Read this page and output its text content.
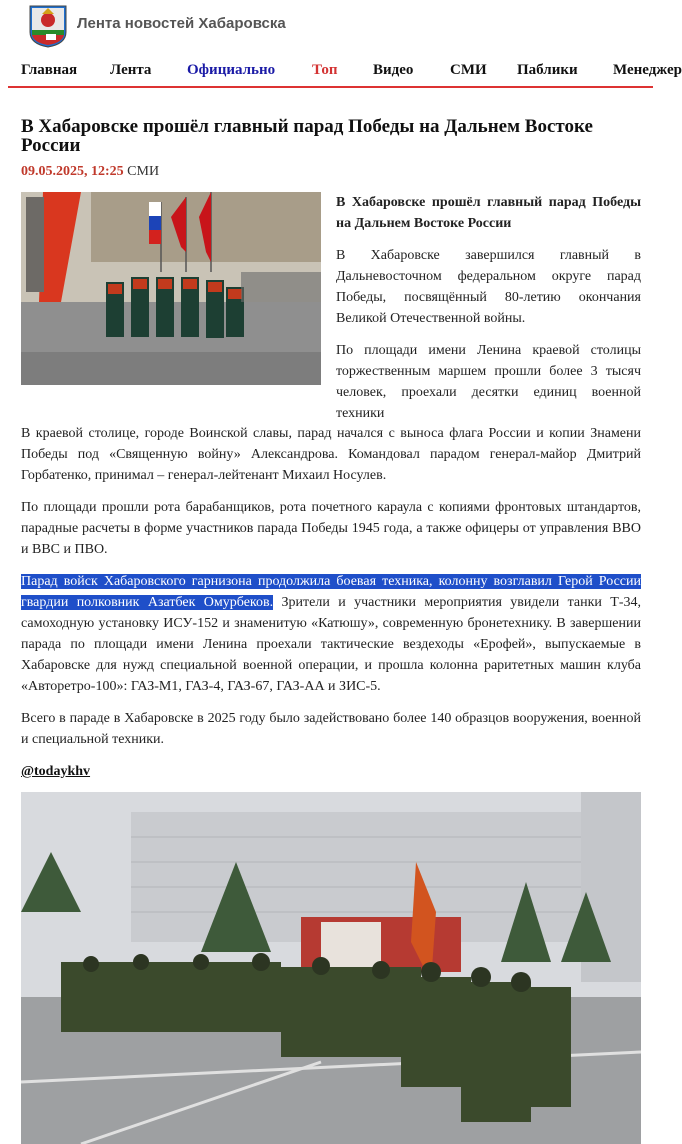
Лента новостей Хабаровска
Главная Лента Официально Топ Видео СМИ Паблики Менеджер
В Хабаровске прошёл главный парад Победы на Дальнем Востоке России
09.05.2025, 12:25 СМИ

В Хабаровске прошёл главный парад Победы на Дальнем Востоке России

В Хабаровске завершился главный в Дальневосточном федеральном округе парад Победы, посвящённый 80-летию окончания Великой Отечественной войны.

По площади имени Ленина краевой столицы торжественным маршем прошли более 3 тысяч человек, проехали десятки единиц военной техники

В краевой столице, городе Воинской славы, парад начался с выноса флага России и копии Знамени Победы под «Священную войну» Александрова. Командовал парадом генерал-майор Дмитрий Горбатенко, принимал – генерал-лейтенант Михаил Носулев.

По площади прошли рота барабанщиков, рота почетного караула с копиями фронтовых штандартов, парадные расчеты в форме участников парада Победы 1945 года, а также офицеры от управления ВВО и ВВС и ПВО.

Парад войск Хабаровского гарнизона продолжила боевая техника, колонну возглавил Герой России гвардии полковник Азатбек Омурбеков. Зрители и участники мероприятия увидели танки Т-34, самоходную установку ИСУ-152 и знаменитую «Катюшу», современную бронетехнику. В завершении парада по площади имени Ленина проехали тактические вездеходы «Ерофей», выпускаемые в Хабаровске для нужд специальной военной операции, и прошла колонна раритетных машин клуба «Авторетро-100»: ГАЗ-М1, ГАЗ-4, ГАЗ-67, ГАЗ-АА и ЗИС-5.

Всего в параде в Хабаровске в 2025 году было задействовано более 140 образцов вооружения, военной и специальной техники.

@todaykhv
